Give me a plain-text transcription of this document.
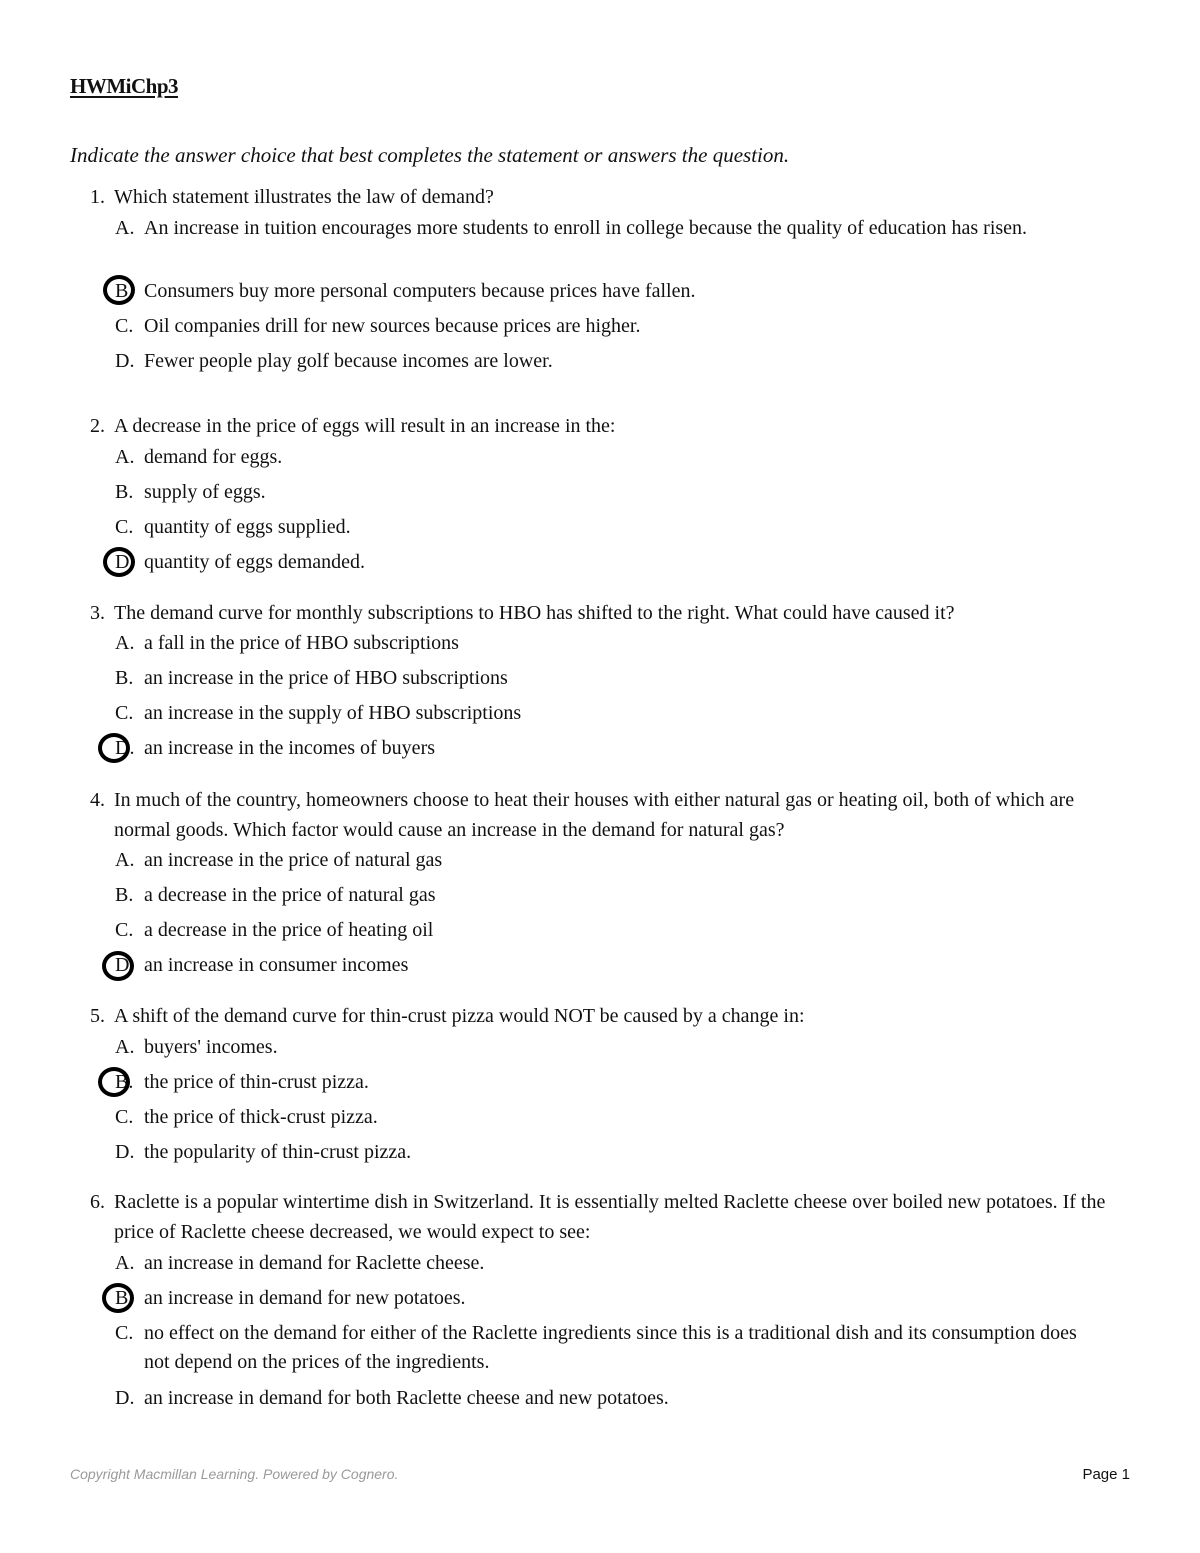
HWMiChp3
Indicate the answer choice that best completes the statement or answers the question.
1. Which statement illustrates the law of demand?
A. An increase in tuition encourages more students to enroll in college because the quality of education has risen.
B. Consumers buy more personal computers because prices have fallen.
C. Oil companies drill for new sources because prices are higher.
D. Fewer people play golf because incomes are lower.
2. A decrease in the price of eggs will result in an increase in the:
A. demand for eggs.
B. supply of eggs.
C. quantity of eggs supplied.
D. quantity of eggs demanded.
3. The demand curve for monthly subscriptions to HBO has shifted to the right. What could have caused it?
A. a fall in the price of HBO subscriptions
B. an increase in the price of HBO subscriptions
C. an increase in the supply of HBO subscriptions
D. an increase in the incomes of buyers
4. In much of the country, homeowners choose to heat their houses with either natural gas or heating oil, both of which are normal goods. Which factor would cause an increase in the demand for natural gas?
A. an increase in the price of natural gas
B. a decrease in the price of natural gas
C. a decrease in the price of heating oil
D. an increase in consumer incomes
5. A shift of the demand curve for thin-crust pizza would NOT be caused by a change in:
A. buyers' incomes.
B. the price of thin-crust pizza.
C. the price of thick-crust pizza.
D. the popularity of thin-crust pizza.
6. Raclette is a popular wintertime dish in Switzerland. It is essentially melted Raclette cheese over boiled new potatoes. If the price of Raclette cheese decreased, we would expect to see:
A. an increase in demand for Raclette cheese.
B. an increase in demand for new potatoes.
C. no effect on the demand for either of the Raclette ingredients since this is a traditional dish and its consumption does not depend on the prices of the ingredients.
D. an increase in demand for both Raclette cheese and new potatoes.
Copyright Macmillan Learning. Powered by Cognero.	Page 1
